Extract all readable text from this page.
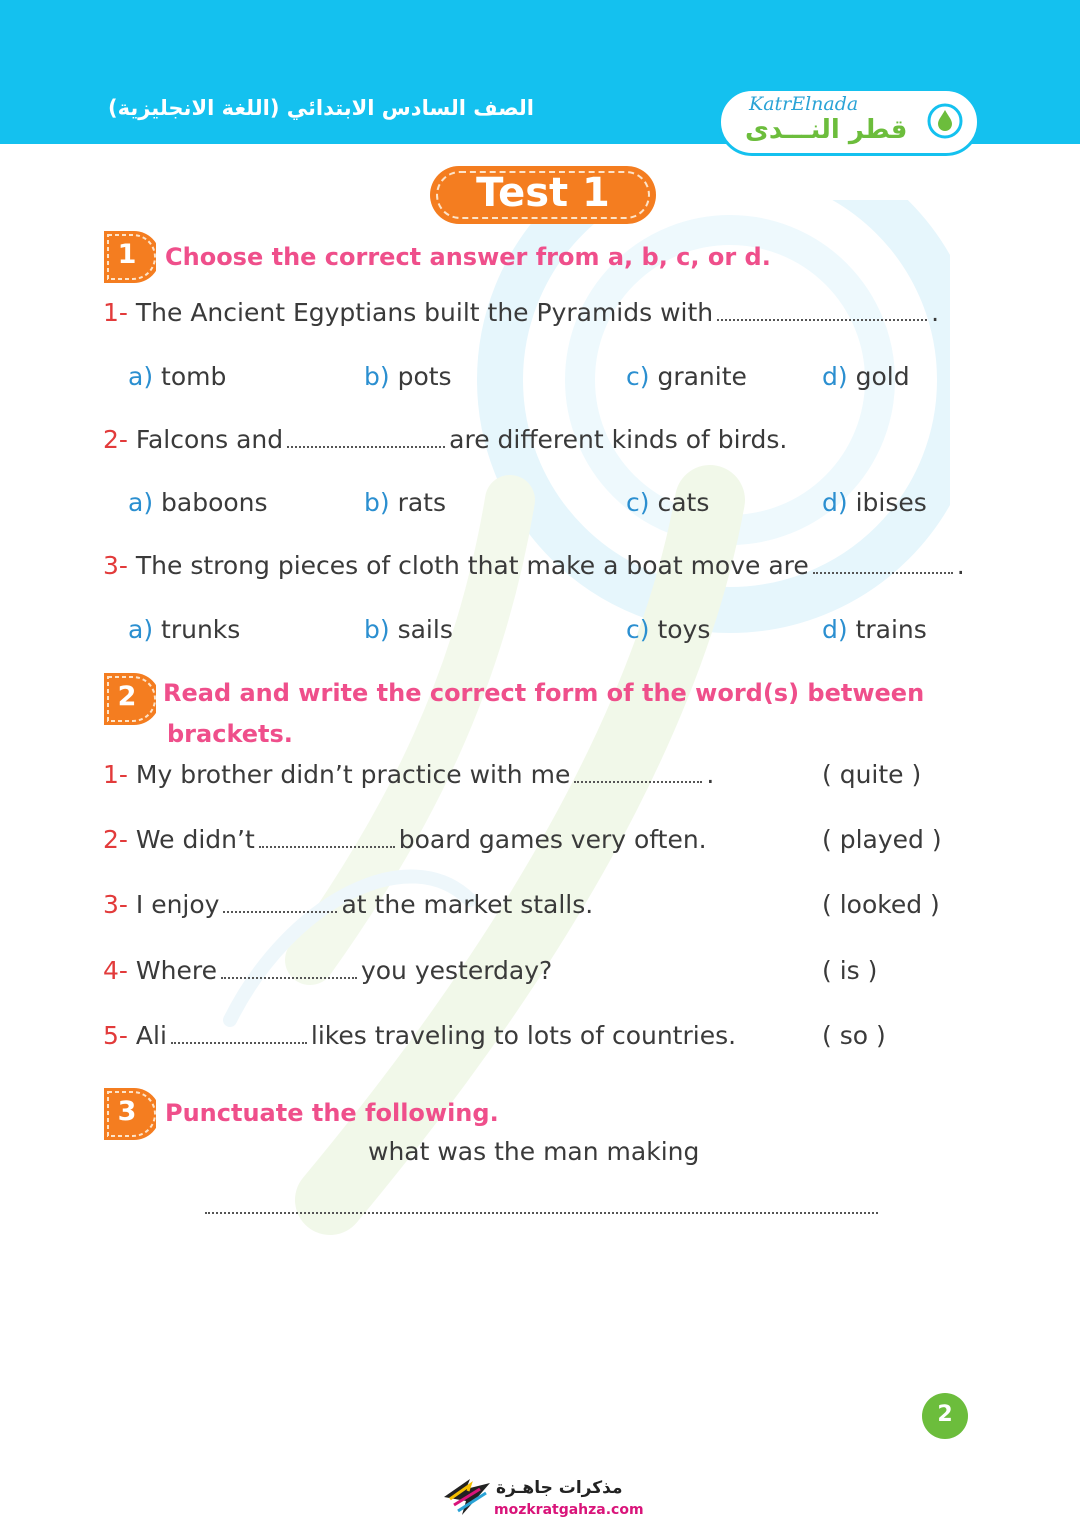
الصف السادس الابتدائي (اللغة الانجليزية)	KatrElnada
قطر النـــدى
Test 1
1	Choose the correct answer from a, b, c, or d.
1- The Ancient Egyptians built the Pyramids with	.
a) tomb	b) pots	c) granite	d) gold
2- Falcons and	are different kinds of birds.
a) baboons	b) rats	c) cats	d) ibises
3- The strong pieces of cloth that make a boat move are	.
a) trunks	b) sails	c) toys	d) trains
2	Read and write the correct form of the word(s) between
brackets.
1- My brother didn’t practice with me	.	( quite )
2- We didn’t	board games very often.	( played )
3- I enjoy	at the market stalls.	( looked )
4- Where	you yesterday?	( is )
5- Ali	likes traveling to lots of countries.	( so )
3	Punctuate the following.
what was the man making
2
مذكرات جاهـزة
mozkratgahza.com
